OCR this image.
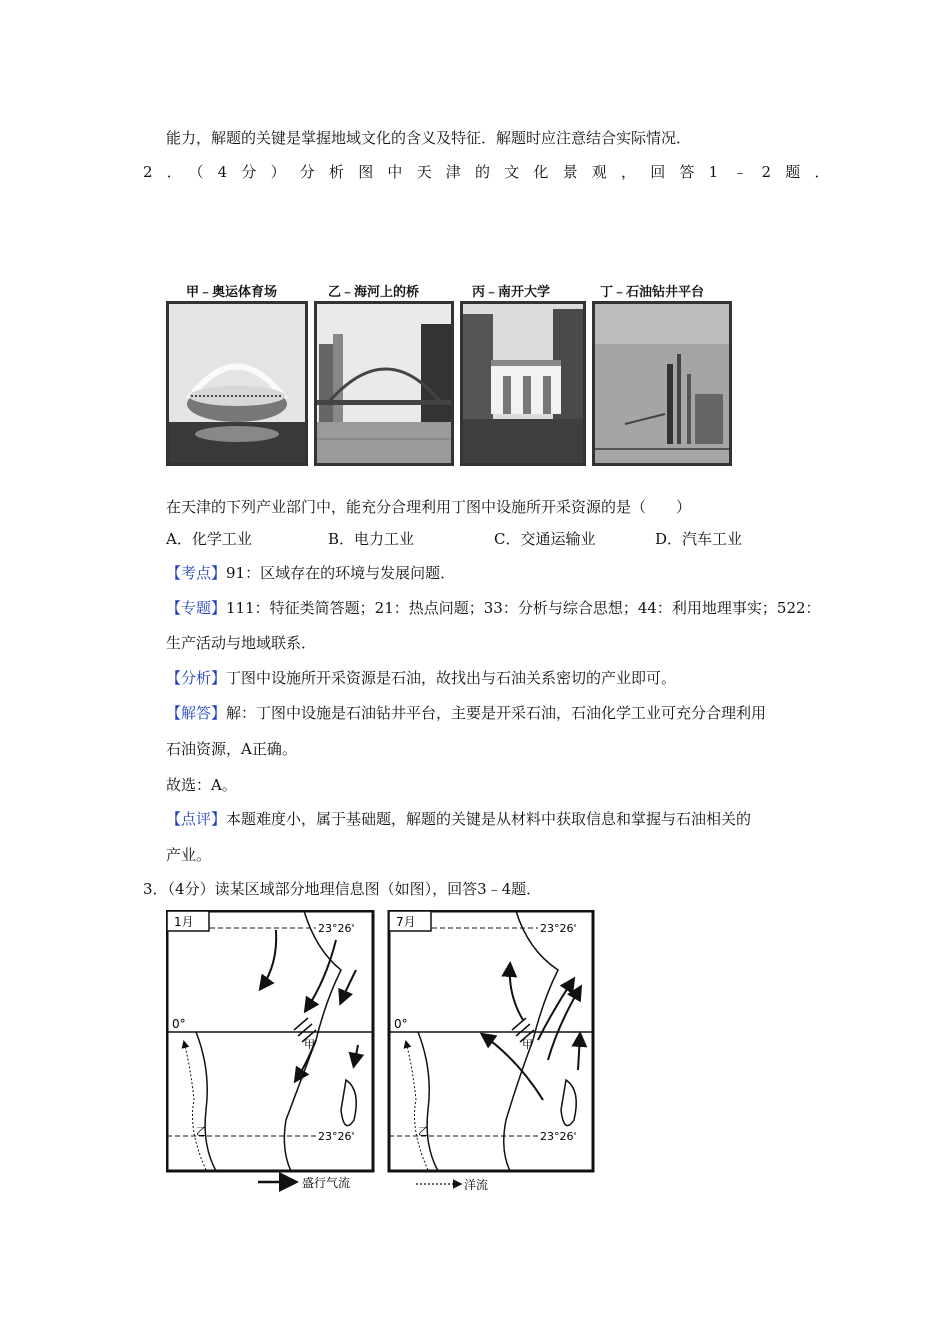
能力，解题的关键是掌握地域文化的含义及特征．解题时应注意结合实际情况．
2．（4分）分析图中天津的文化景观，回答1﹣2题．
甲﹣奥运体育场	乙﹣海河上的桥	丙﹣南开大学	丁﹣石油钻井平台
在天津的下列产业部门中，能充分合理利用丁图中设施所开采资源的是（　　）
A．化学工业	B．电力工业	C．交通运输业	D．汽车工业
【考点】91：区域存在的环境与发展问题．
【专题】111：特征类简答题；21：热点问题；33：分析与综合思想；44：利用地理事实；522：
生产活动与地域联系．
【分析】丁图中设施所开采资源是石油，故找出与石油关系密切的产业即可。
【解答】解：丁图中设施是石油钻井平台，主要是开采石油，石油化学工业可充分合理利用
石油资源，A正确。
故选：A。
【点评】本题难度小，属于基础题，解题的关键是从材料中获取信息和掌握与石油相关的
产业。
3．（4分）读某区域部分地理信息图（如图），回答3﹣4题．
1月	23°26'
0°
23°26'
甲
乙
7月	23°26'
0°
23°26'
甲
乙
盛行气流	洋流
